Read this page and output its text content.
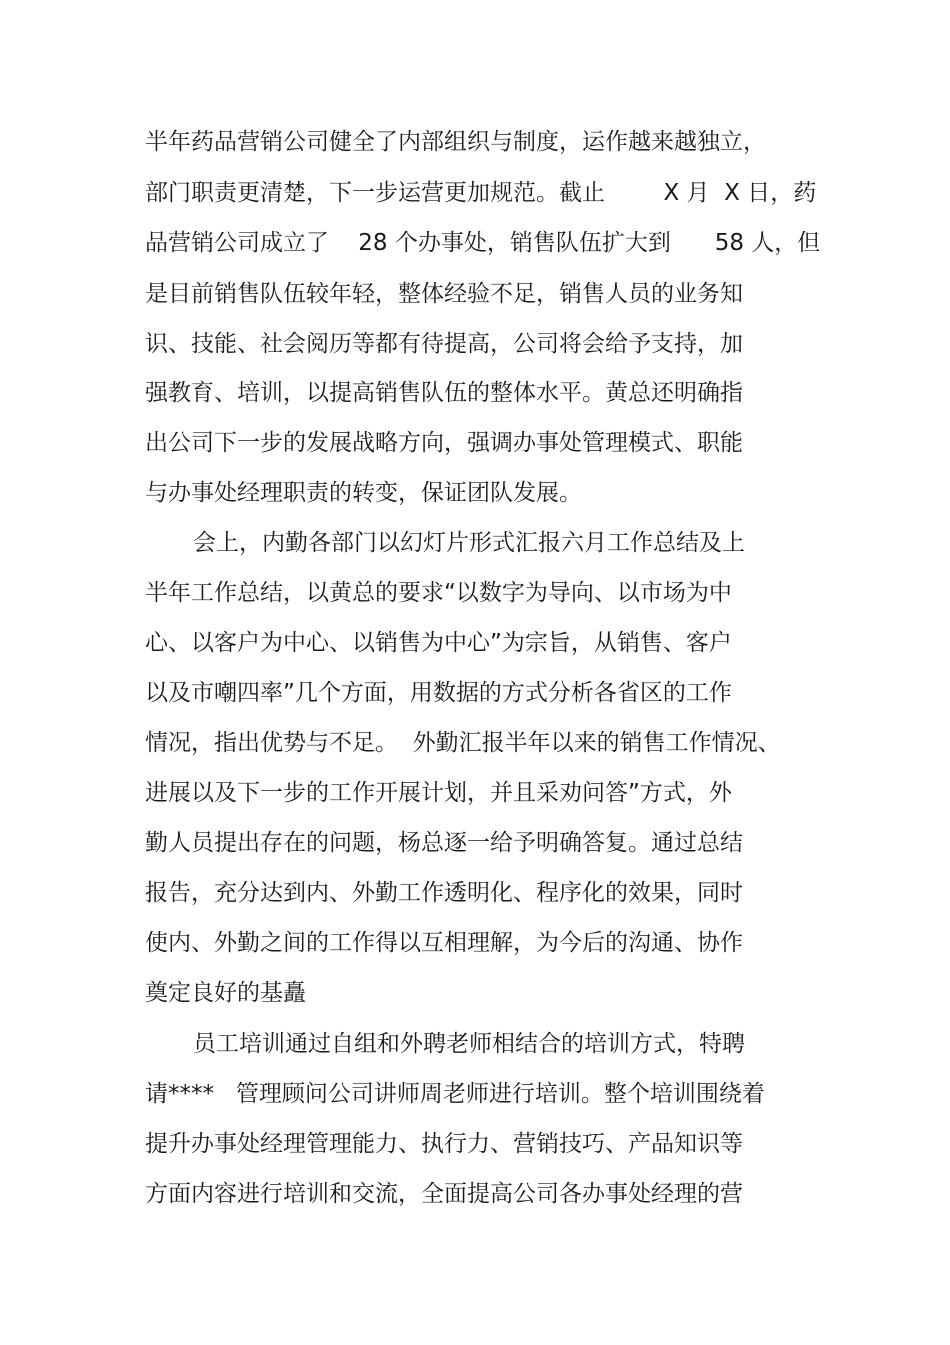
半年药品营销公司健全了内部组织与制度，运作越来越独立，
部门职责更清楚，下一步运营更加规范。截止        X 月  X 日，药
品营销公司成立了    28 个办事处，销售队伍扩大到      58 人，但
是目前销售队伍较年轻，整体经验不足，销售人员的业务知
识、技能、社会阅历等都有待提高，公司将会给予支持，加
强教育、培训，以提高销售队伍的整体水平。黄总还明确指
出公司下一步的发展战略方向，强调办事处管理模式、职能
与办事处经理职责的转变，保证团队发展。
会上，内勤各部门以幻灯片形式汇报六月工作总结及上
半年工作总结，以黄总的要求“以数字为导向、以市场为中
心、以客户为中心、以销售为中心”为宗旨，从销售、客户
以及市嘲四率”几个方面，用数据的方式分析各省区的工作
情况，指出优势与不足。  外勤汇报半年以来的销售工作情况、
进展以及下一步的工作开展计划，并且采劝问答”方式，外
勤人员提出存在的问题，杨总逐一给予明确答复。通过总结
报告，充分达到内、外勤工作透明化、程序化的效果，同时
使内、外勤之间的工作得以互相理解，为今后的沟通、协作
奠定良好的基矗
员工培训通过自组和外聘老师相结合的培训方式，特聘
请****   管理顾问公司讲师周老师进行培训。整个培训围绕着
提升办事处经理管理能力、执行力、营销技巧、产品知识等
方面内容进行培训和交流，全面提高公司各办事处经理的营
